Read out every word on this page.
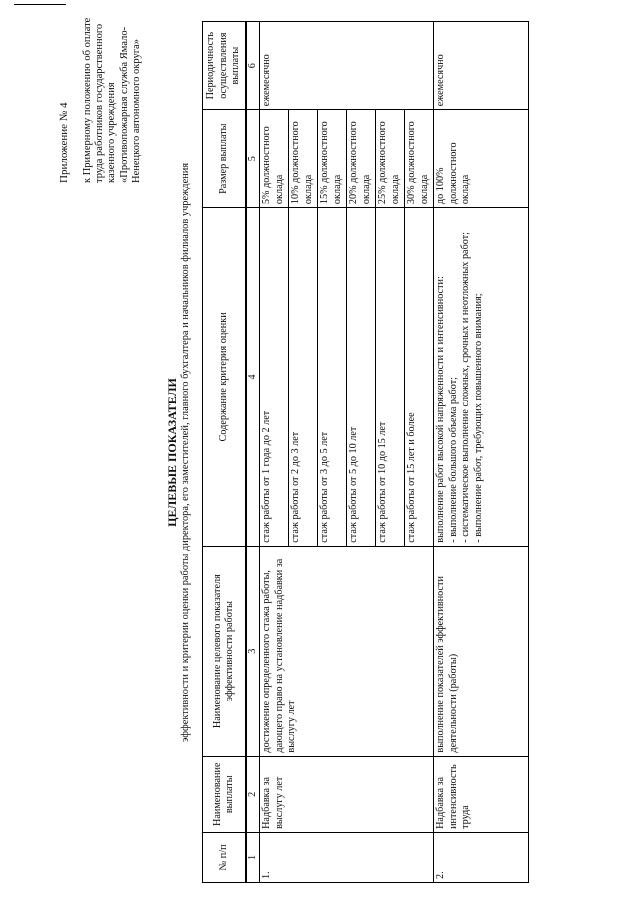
Приложение № 4 к Примерному положению об оплате труда работников государственного казенного учреждения «Противопожарная служба Ямало-Ненецкого автономного округа»
ЦЕЛЕВЫЕ ПОКАЗАТЕЛИ эффективности и критерии оценки работы директора, его заместителей, главного бухгалтера и начальников филиалов учреждения
№ п/п	Наименование выплаты	Наименование целевого показателя эффективности работы	Содержание критерия оценки	Размер выплаты	Периодичность осуществления выплаты
1	2	3	4	5	6
1.	Надбавка за выслугу лет	достижение определенного стажа работы, дающего право на установление надбавки за выслугу лет	стаж работы от 1 года до 2 лет	5% должностного оклада	ежемесячно
			стаж работы от 2 до 3 лет	10% должностного оклада	
			стаж работы от 3 до 5 лет	15% должностного оклада	
			стаж работы от 5 до 10 лет	20% должностного оклада	
			стаж работы от 10 до 15 лет	25% должностного оклада	
			стаж работы от 15 лет и более	30% должностного оклада	
2.	Надбавка за интенсивность труда	выполнение показателей эффективности деятельности (работы)	выполнение работ высокой напряженности и интенсивности: - выполнение большого объема работ; - систематическое выполнение сложных, срочных и неотложных работ; - выполнение работ, требующих повышенного внимания;	до 100% должностного оклада	ежемесячно
